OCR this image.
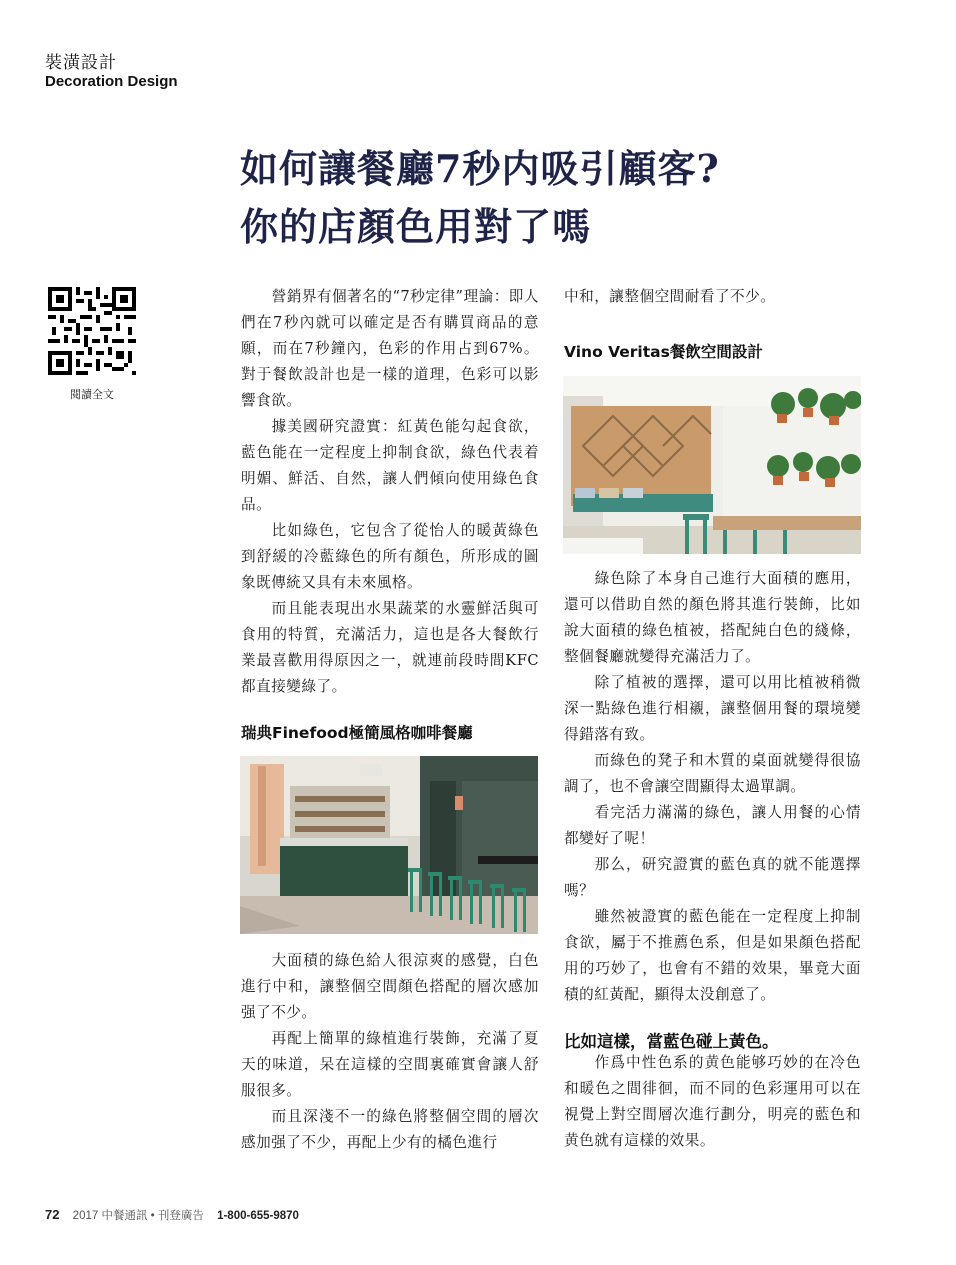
裝潢設計
Decoration Design
如何讓餐廳7秒内吸引顧客?
你的店顏色用對了嗎
閱讀全文

營銷界有個著名的“7秒定律”理論：即人們在7秒內就可以確定是否有購買商品的意願，而在7秒鐘內，色彩的作用占到67%。對于餐飲設計也是一樣的道理，色彩可以影響食欲。

據美國研究證實：紅黃色能勾起食欲，藍色能在一定程度上抑制食欲，綠色代表着明媚、鮮活、自然，讓人們傾向使用綠色食品。

比如綠色，它包含了從怡人的暖黃綠色到舒緩的冷藍綠色的所有顏色，所形成的圖象既傳統又具有未來風格。

而且能表現出水果蔬菜的水靈鮮活與可食用的特質，充滿活力，這也是各大餐飲行業最喜歡用得原因之一，就連前段時間KFC都直接變綠了。

瑞典Finefood極簡風格咖啡餐廳

大面積的綠色給人很涼爽的感覺，白色進行中和，讓整個空間顏色搭配的層次感加强了不少。

再配上簡單的綠植進行裝飾，充滿了夏天的味道，呆在這樣的空間裏確實會讓人舒服很多。

而且深淺不一的綠色將整個空間的層次感加强了不少，再配上少有的橘色進行

中和，讓整個空間耐看了不少。
Vino Veritas餐飲空間設計

綠色除了本身自己進行大面積的應用，還可以借助自然的顏色將其進行裝飾，比如說大面積的綠色植被，搭配純白色的綫條，整個餐廳就變得充滿活力了。

除了植被的選擇，還可以用比植被稍微深一點綠色進行相襯，讓整個用餐的環境變得錯落有致。

而綠色的凳子和木質的桌面就變得很協調了，也不會讓空間顯得太過單調。

看完活力滿滿的綠色，讓人用餐的心情都變好了呢！

那么，研究證實的藍色真的就不能選擇嗎？

雖然被證實的藍色能在一定程度上抑制食欲，屬于不推薦色系，但是如果顏色搭配用的巧妙了，也會有不錯的效果，畢竟大面積的紅黃配，顯得太没創意了。

比如這樣，當藍色碰上黃色。

作爲中性色系的黄色能够巧妙的在冷色和暖色之間徘徊，而不同的色彩運用可以在視覺上對空間層次進行劃分，明亮的藍色和黄色就有這樣的效果。

72 2017 中餐通訊 • 刊登廣告 1-800-655-9870
